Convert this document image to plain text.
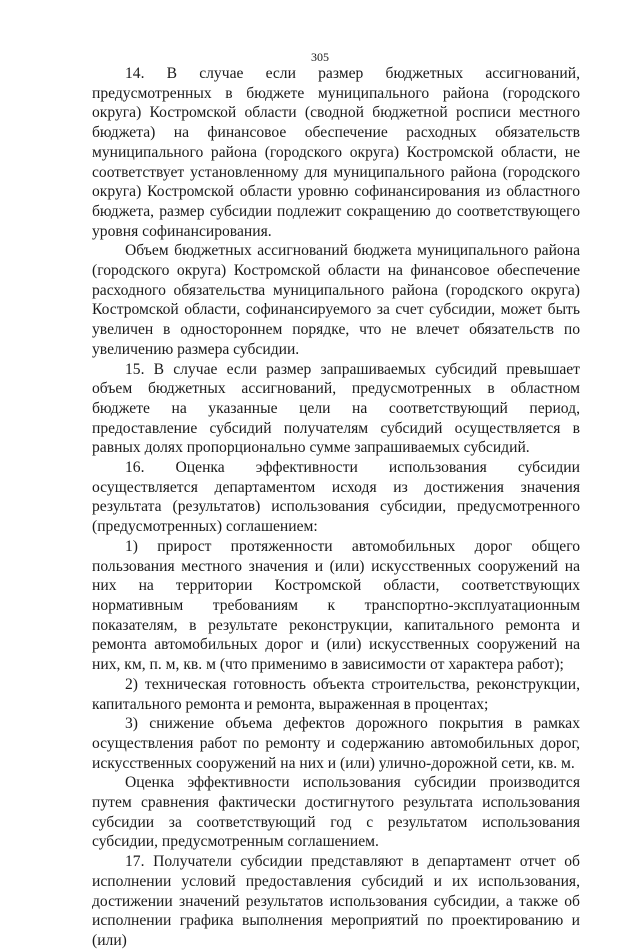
305

14. В случае если размер бюджетных ассигнований, предусмотренных в бюджете муниципального района (городского округа) Костромской области (сводной бюджетной росписи местного бюджета) на финансовое обеспечение расходных обязательств муниципального района (городского округа) Костромской области, не соответствует установленному для муниципального района (городского округа) Костромской области уровню софинансирования из областного бюджета, размер субсидии подлежит сокращению до соответствующего уровня софинансирования.

Объем бюджетных ассигнований бюджета муниципального района (городского округа) Костромской области на финансовое обеспечение расходного обязательства муниципального района (городского округа) Костромской области, софинансируемого за счет субсидии, может быть увеличен в одностороннем порядке, что не влечет обязательств по увеличению размера субсидии.

15. В случае если размер запрашиваемых субсидий превышает объем бюджетных ассигнований, предусмотренных в областном бюджете на указанные цели на соответствующий период, предоставление субсидий получателям субсидий осуществляется в равных долях пропорционально сумме запрашиваемых субсидий.

16. Оценка эффективности использования субсидии осуществляется департаментом исходя из достижения значения результата (результатов) использования субсидии, предусмотренного (предусмотренных) соглашением:

1) прирост протяженности автомобильных дорог общего пользования местного значения и (или) искусственных сооружений на них на территории Костромской области, соответствующих нормативным требованиям к транспортно-эксплуатационным показателям, в результате реконструкции, капитального ремонта и ремонта автомобильных дорог и (или) искусственных сооружений на них, км, п. м, кв. м (что применимо в зависимости от характера работ);

2) техническая готовность объекта строительства, реконструкции, капитального ремонта и ремонта, выраженная в процентах;

3) снижение объема дефектов дорожного покрытия в рамках осуществления работ по ремонту и содержанию автомобильных дорог, искусственных сооружений на них и (или) улично-дорожной сети, кв. м.

Оценка эффективности использования субсидии производится путем сравнения фактически достигнутого результата использования субсидии за соответствующий год с результатом использования субсидии, предусмотренным соглашением.

17. Получатели субсидии представляют в департамент отчет об исполнении условий предоставления субсидий и их использования, достижении значений результатов использования субсидии, а также об исполнении графика выполнения мероприятий по проектированию и (или)
